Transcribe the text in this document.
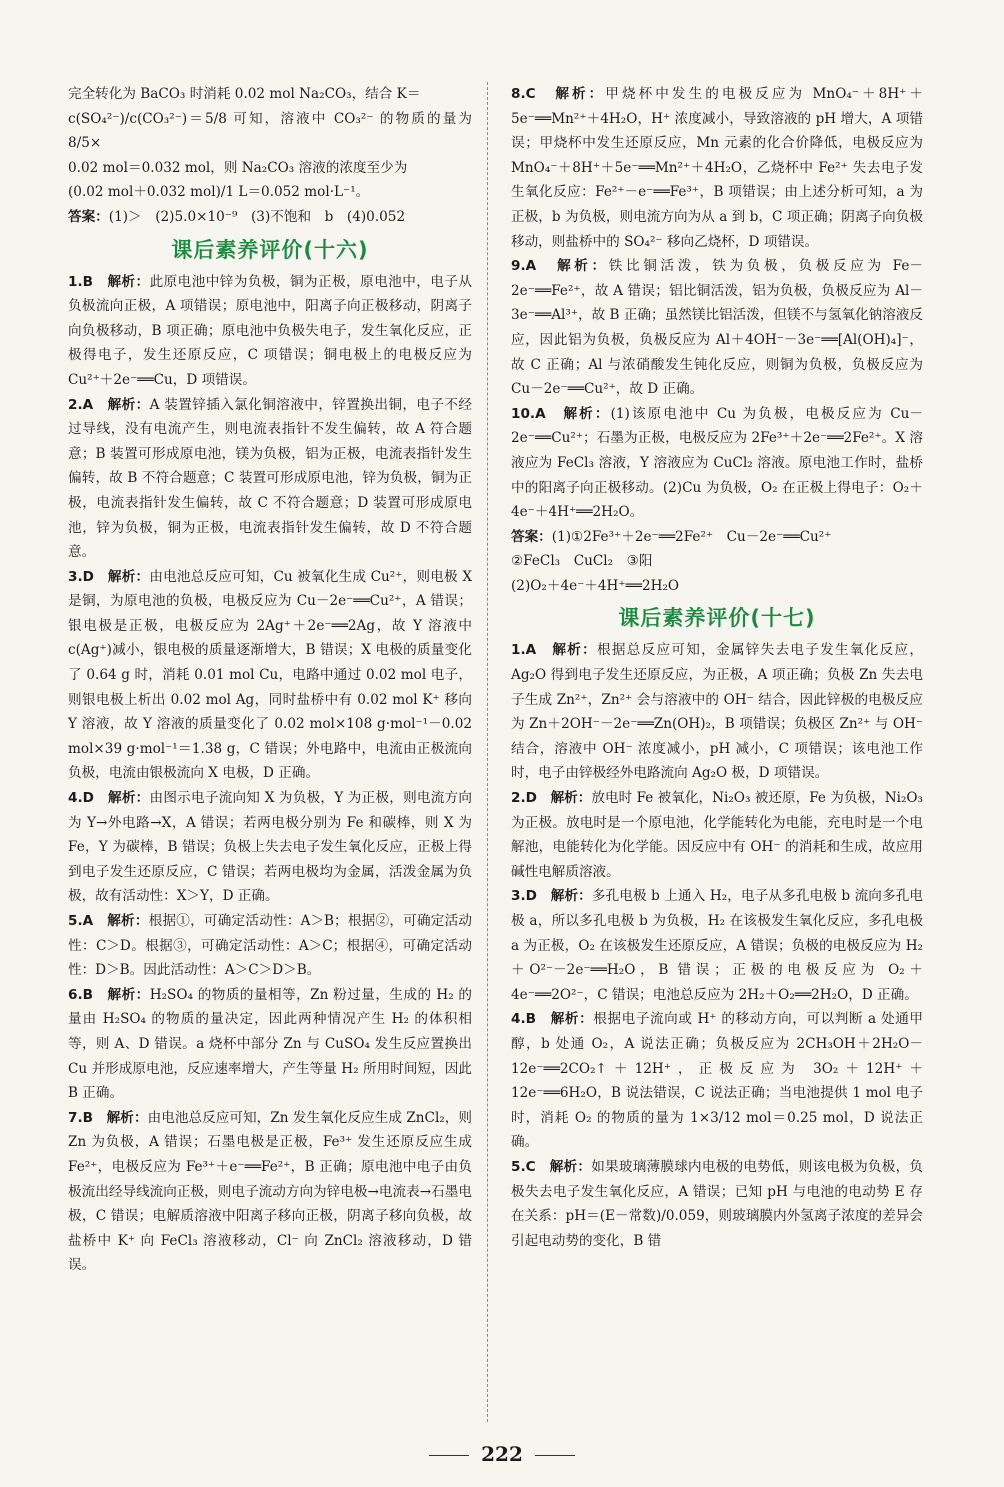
完全转化为 BaCO₃ 时消耗 0.02 mol Na₂CO₃，结合 K＝

c(SO₄²⁻)/c(CO₃²⁻)＝5/8 可知，溶液中 CO₃²⁻ 的物质的量为 8/5×

0.02 mol＝0.032 mol，则 Na₂CO₃ 溶液的浓度至少为

(0.02 mol＋0.032 mol)/1 L＝0.052 mol·L⁻¹。

答案：(1)＞　(2)5.0×10⁻⁹　(3)不饱和　b　(4)0.052

课后素养评价(十六)

1.B　 解析：此原电池中锌为负极，铜为正极，原电池中，电子从负极流向正极，A 项错误；原电池中，阳离子向正极移动，阴离子向负极移动，B 项正确；原电池中负极失电子，发生氧化反应，正极得电子，发生还原反应，C 项错误；铜电极上的电极反应为 Cu²⁺＋2e⁻══Cu，D 项错误。

2.A　 解析：A 装置锌插入氯化铜溶液中，锌置换出铜，电子不经过导线，没有电流产生，则电流表指针不发生偏转，故 A 符合题意；B 装置可形成原电池，镁为负极，铝为正极，电流表指针发生偏转，故 B 不符合题意；C 装置可形成原电池，锌为负极，铜为正极，电流表指针发生偏转，故 C 不符合题意；D 装置可形成原电池，锌为负极，铜为正极，电流表指针发生偏转，故 D 不符合题意。

3.D　 解析：由电池总反应可知，Cu 被氧化生成 Cu²⁺，则电极 X 是铜，为原电池的负极，电极反应为 Cu－2e⁻══Cu²⁺，A 错误；银电极是正极，电极反应为 2Ag⁺＋2e⁻══2Ag，故 Y 溶液中 c(Ag⁺)减小，银电极的质量逐渐增大，B 错误；X 电极的质量变化了 0.64 g 时，消耗 0.01 mol Cu，电路中通过 0.02 mol 电子，则银电极上析出 0.02 mol Ag，同时盐桥中有 0.02 mol K⁺ 移向 Y 溶液，故 Y 溶液的质量变化了 0.02 mol×108 g·mol⁻¹－0.02 mol×39 g·mol⁻¹＝1.38 g，C 错误；外电路中，电流由正极流向负极，电流由银极流向 X 电极，D 正确。

4.D　 解析：由图示电子流向知 X 为负极，Y 为正极，则电流方向为 Y→外电路→X，A 错误；若两电极分别为 Fe 和碳棒，则 X 为 Fe，Y 为碳棒，B 错误；负极上失去电子发生氧化反应，正极上得到电子发生还原反应，C 错误；若两电极均为金属，活泼金属为负极，故有活动性：X＞Y，D 正确。

5.A　 解析：根据①，可确定活动性：A＞B；根据②，可确定活动性：C＞D。根据③，可确定活动性：A＞C；根据④，可确定活动性：D＞B。因此活动性：A＞C＞D＞B。

6.B　 解析：H₂SO₄ 的物质的量相等，Zn 粉过量，生成的 H₂ 的量由 H₂SO₄ 的物质的量决定，因此两种情况产生 H₂ 的体积相等，则 A、D 错误。a 烧杯中部分 Zn 与 CuSO₄ 发生反应置换出 Cu 并形成原电池，反应速率增大，产生等量 H₂ 所用时间短，因此 B 正确。

7.B　 解析：由电池总反应可知，Zn 发生氧化反应生成 ZnCl₂，则 Zn 为负极，A 错误；石墨电极是正极，Fe³⁺ 发生还原反应生成 Fe²⁺，电极反应为 Fe³⁺＋e⁻══Fe²⁺，B 正确；原电池中电子由负极流出经导线流向正极，则电子流动方向为锌电极→电流表→石墨电极，C 错误；电解质溶液中阳离子移向正极，阴离子移向负极，故盐桥中 K⁺ 向 FeCl₃ 溶液移动，Cl⁻ 向 ZnCl₂ 溶液移动，D 错误。

8.C　 解析：甲烧杯中发生的电极反应为 MnO₄⁻＋8H⁺＋5e⁻══Mn²⁺＋4H₂O，H⁺ 浓度减小，导致溶液的 pH 增大，A 项错误；甲烧杯中发生还原反应，Mn 元素的化合价降低，电极反应为 MnO₄⁻＋8H⁺＋5e⁻══Mn²⁺＋4H₂O，乙烧杯中 Fe²⁺ 失去电子发生氧化反应：Fe²⁺－e⁻══Fe³⁺，B 项错误；由上述分析可知，a 为正极，b 为负极，则电流方向为从 a 到 b，C 项正确；阴离子向负极移动，则盐桥中的 SO₄²⁻ 移向乙烧杯，D 项错误。

9.A　 解析：铁比铜活泼，铁为负极，负极反应为 Fe－2e⁻══Fe²⁺，故 A 错误；铝比铜活泼，铝为负极，负极反应为 Al－3e⁻══Al³⁺，故 B 正确；虽然镁比铝活泼，但镁不与氢氧化钠溶液反应，因此铝为负极，负极反应为 Al＋4OH⁻－3e⁻══[Al(OH)₄]⁻，故 C 正确；Al 与浓硝酸发生钝化反应，则铜为负极，负极反应为 Cu－2e⁻══Cu²⁺，故 D 正确。

10.A　 解析：(1)该原电池中 Cu 为负极，电极反应为 Cu－2e⁻══Cu²⁺；石墨为正极，电极反应为 2Fe³⁺＋2e⁻══2Fe²⁺。X 溶液应为 FeCl₃ 溶液，Y 溶液应为 CuCl₂ 溶液。原电池工作时，盐桥中的阳离子向正极移动。(2)Cu 为负极，O₂ 在正极上得电子：O₂＋4e⁻＋4H⁺══2H₂O。

答案：(1)①2Fe³⁺＋2e⁻══2Fe²⁺　Cu－2e⁻══Cu²⁺

②FeCl₃　CuCl₂　③阳

(2)O₂＋4e⁻＋4H⁺══2H₂O

课后素养评价(十七)

1.A　 解析：根据总反应可知，金属锌失去电子发生氧化反应，Ag₂O 得到电子发生还原反应，为正极，A 项正确；负极 Zn 失去电子生成 Zn²⁺，Zn²⁺ 会与溶液中的 OH⁻ 结合，因此锌极的电极反应为 Zn＋2OH⁻－2e⁻══Zn(OH)₂，B 项错误；负极区 Zn²⁺ 与 OH⁻ 结合，溶液中 OH⁻ 浓度减小，pH 减小，C 项错误；该电池工作时，电子由锌极经外电路流向 Ag₂O 极，D 项错误。

2.D　 解析：放电时 Fe 被氧化，Ni₂O₃ 被还原，Fe 为负极，Ni₂O₃ 为正极。放电时是一个原电池，化学能转化为电能，充电时是一个电解池，电能转化为化学能。因反应中有 OH⁻ 的消耗和生成，故应用碱性电解质溶液。

3.D　 解析：多孔电极 b 上通入 H₂，电子从多孔电极 b 流向多孔电极 a，所以多孔电极 b 为负极，H₂ 在该极发生氧化反应，多孔电极 a 为正极，O₂ 在该极发生还原反应，A 错误；负极的电极反应为 H₂＋O²⁻－2e⁻══H₂O，B 错误；正极的电极反应为 O₂＋4e⁻══2O²⁻，C 错误；电池总反应为 2H₂＋O₂══2H₂O，D 正确。

4.B　 解析：根据电子流向或 H⁺ 的移动方向，可以判断 a 处通甲醇，b 处通 O₂，A 说法正确；负极反应为 2CH₃OH＋2H₂O－12e⁻══2CO₂↑＋12H⁺，正极反应为 3O₂＋12H⁺＋12e⁻══6H₂O，B 说法错误，C 说法正确；当电池提供 1 mol 电子时，消耗 O₂ 的物质的量为 1×3/12 mol＝0.25 mol，D 说法正确。

5.C　 解析：如果玻璃薄膜球内电极的电势低，则该电极为负极，负极失去电子发生氧化反应，A 错误；已知 pH 与电池的电动势 E 存在关系：pH＝(E－常数)/0.059，则玻璃膜内外氢离子浓度的差异会引起电动势的变化，B 错

222
